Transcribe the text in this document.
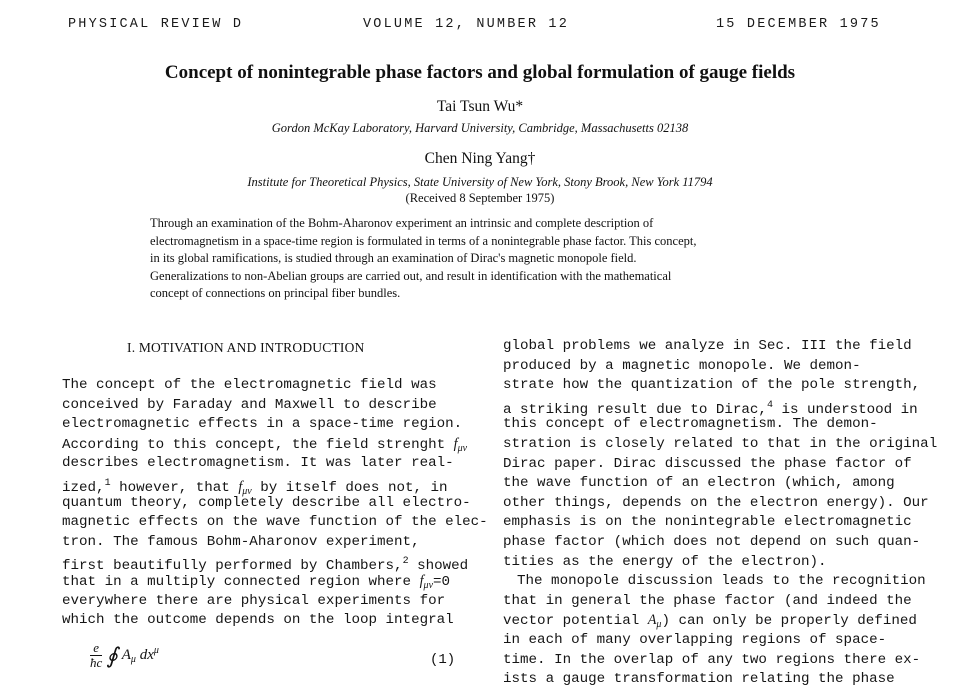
PHYSICAL REVIEW D	VOLUME 12, NUMBER 12	15 DECEMBER 1975
Concept of nonintegrable phase factors and global formulation of gauge fields
Tai Tsun Wu*
Gordon McKay Laboratory, Harvard University, Cambridge, Massachusetts 02138
Chen Ning Yang†
Institute for Theoretical Physics, State University of New York, Stony Brook, New York 11794
(Received 8 September 1975)
Through an examination of the Bohm-Aharonov experiment an intrinsic and complete description of
electromagnetism in a space-time region is formulated in terms of a nonintegrable phase factor. This concept,
in its global ramifications, is studied through an examination of Dirac's magnetic monopole field.
Generalizations to non-Abelian groups are carried out, and result in identification with the mathematical
concept of connections on principal fiber bundles.
I. MOTIVATION AND INTRODUCTION
The concept of the electromagnetic field was
conceived by Faraday and Maxwell to describe
electromagnetic effects in a space-time region.
According to this concept, the field strenght $f_{\mu\nu}$
describes electromagnetism. It was later real-
ized,$^1$ however, that $f_{\mu\nu}$ by itself does not, in
quantum theory, completely describe all electro-
magnetic effects on the wave function of the elec-
tron. The famous Bohm-Aharonov experiment,
first beautifully performed by Chambers,$^2$ showed
that in a multiply connected region where $f_{\mu\nu}=0$
everywhere there are physical experiments for
which the outcome depends on the loop integral
$\frac{e}{ħc}$ ∮ $A_\mu$ $dx^\mu$
(1)
global problems we analyze in Sec. III the field
produced by a magnetic monopole. We demon-
strate how the quantization of the pole strength,
a striking result due to Dirac,$^4$ is understood in
this concept of electromagnetism. The demon-
stration is closely related to that in the original
Dirac paper. Dirac discussed the phase factor of
the wave function of an electron (which, among
other things, depends on the electron energy). Our
emphasis is on the nonintegrable electromagnetic
phase factor (which does not depend on such quan-
tities as the energy of the electron).
The monopole discussion leads to the recognition
that in general the phase factor (and indeed the
vector potential $A_\mu$) can only be properly defined
in each of many overlapping regions of space-
time. In the overlap of any two regions there ex-
ists a gauge transformation relating the phase
